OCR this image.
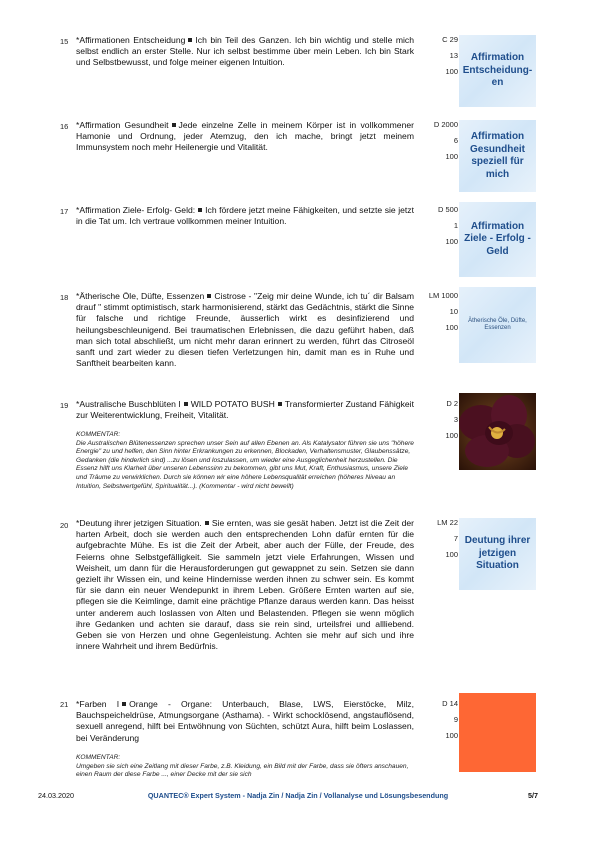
15 *Affirmationen Entscheidung Ich bin Teil des Ganzen. Ich bin wichtig und stelle mich selbst endlich an erster Stelle. Nur ich selbst bestimme über mein Leben. Ich bin Stark und Selbstbewusst, und folge meiner eigenen Intuition.
C 29
13
100
Affirmation Entscheidung-en
16 *Affirmation Gesundheit Jede einzelne Zelle in meinem Körper ist in vollkommener Hamonie und Ordnung, jeder Atemzug, den ich mache, bringt jetzt meinem Immunsystem noch mehr Heilenergie und Vitalität.
D 2000
6
100
Affirmation Gesundheit speziell für mich
17 *Affirmation Ziele- Erfolg- Geld: Ich fördere jetzt meine Fähigkeiten, und setzte sie jetzt in die Tat um. Ich vertraue vollkommen meiner Intuition.
D 500
1
100
Affirmation Ziele - Erfolg - Geld
18 *Ätherische Öle, Düfte, Essenzen Cistrose - "Zeig mir deine Wunde, ich tu´ dir Balsam drauf " stimmt optimistisch, stark harmonisierend, stärkt das Gedächtnis, stärkt die Sinne für falsche und richtige Freunde, äusserlich wirkt es desinfizierend und heilungsbeschleunigend. Bei traumatischen Erlebnissen, die dazu geführt haben, daß man sich total abschließt, um nicht mehr daran erinnert zu werden, führt das Citroseöl sanft und zart wieder zu diesen tiefen Verletzungen hin, damit man es in Ruhe und Sanftheit bearbeiten kann.
LM 1000
10
100
Ätherische Öle, Düfte, Essenzen
19 *Australische Buschblüten I WILD POTATO BUSH Transformierter Zustand Fähigkeit zur Weiterentwicklung, Freiheit, Vitalität.
KOMMENTAR:
Die Australischen Blütenessenzen sprechen unser Sein auf allen Ebenen an. Als Katalysator führen sie uns "höhere Energie" zu und helfen, den Sinn hinter Erkrankungen zu erkennen, Blockaden, Verhaltensmuster, Glaubenssätze, Gedanken (die hinderlich sind) ...zu lösen und loszulassen, um wieder eine Ausgeglichenheit herzustellen. Die Essenz hilft uns Klarheit über unseren Lebenssinn zu bekommen, gibt uns Mut, Kraft, Enthusiasmus, unsere Ziele und Träume zu verwirklichen. Durch sie können wir eine höhere Lebensqualität erreichen (höheres Niveau an Intuition, Selbstwertgefühl, Spiritualität...). (Kommentar - wird nicht bewellt)
D 2
3
100
20 *Deutung ihrer jetzigen Situation. Sie ernten, was sie gesät haben. Jetzt ist die Zeit der harten Arbeit, doch sie werden auch den entsprechenden Lohn dafür ernten für die aufgebrachte Mühe. Es ist die Zeit der Arbeit, aber auch der Fülle, der Freude, des Feierns ohne Selbstgefälligkeit. Sie sammeln jetzt viele Erfahrungen, Wissen und Weisheit, um dann für die Herausforderungen gut gewappnet zu sein. Setzen sie dann gezielt ihr Wissen ein, und keine Hindernisse werden ihnen zu schwer sein. Es kommt für sie dann ein neuer Wendepunkt in ihrem Leben. Größere Ernten warten auf sie, pflegen sie die Keimlinge, damit eine prächtige Pflanze daraus werden kann. Das heisst unter anderem auch loslassen von Alten und Belastenden. Pflegen sie wenn möglich ihre Gedanken und achten sie darauf, dass sie rein sind, urteilsfrei und allliebend. Geben sie von Herzen und ohne Gegenleistung. Achten sie mehr auf sich und ihre innere Wahrheit und ihrem Bedürfnis.
LM 22
7
100
Deutung ihrer jetzigen Situation
21 *Farben I Orange - Organe: Unterbauch, Blase, LWS, Eierstöcke, Milz, Bauchspeicheldrüse, Atmungsorgane (Asthama). - Wirkt schocklösend, angstauflösend, sexuell anregend, hilft bei Entwöhnung von Süchten, schützt Aura, hilft beim Loslassen, bei Veränderung
KOMMENTAR:
Umgeben sie sich eine Zeitlang mit dieser Farbe, z.B. Kleidung, ein Bild mit der Farbe, dass sie öfters anschauen, einen Raum der diese Farbe ..., einer Decke mit der sie sich
D 14
9
100
24.03.2020	QUANTEC® Expert System - Nadja Zin / Nadja Zin / Vollanalyse und Lösungsbesendung	5/7
